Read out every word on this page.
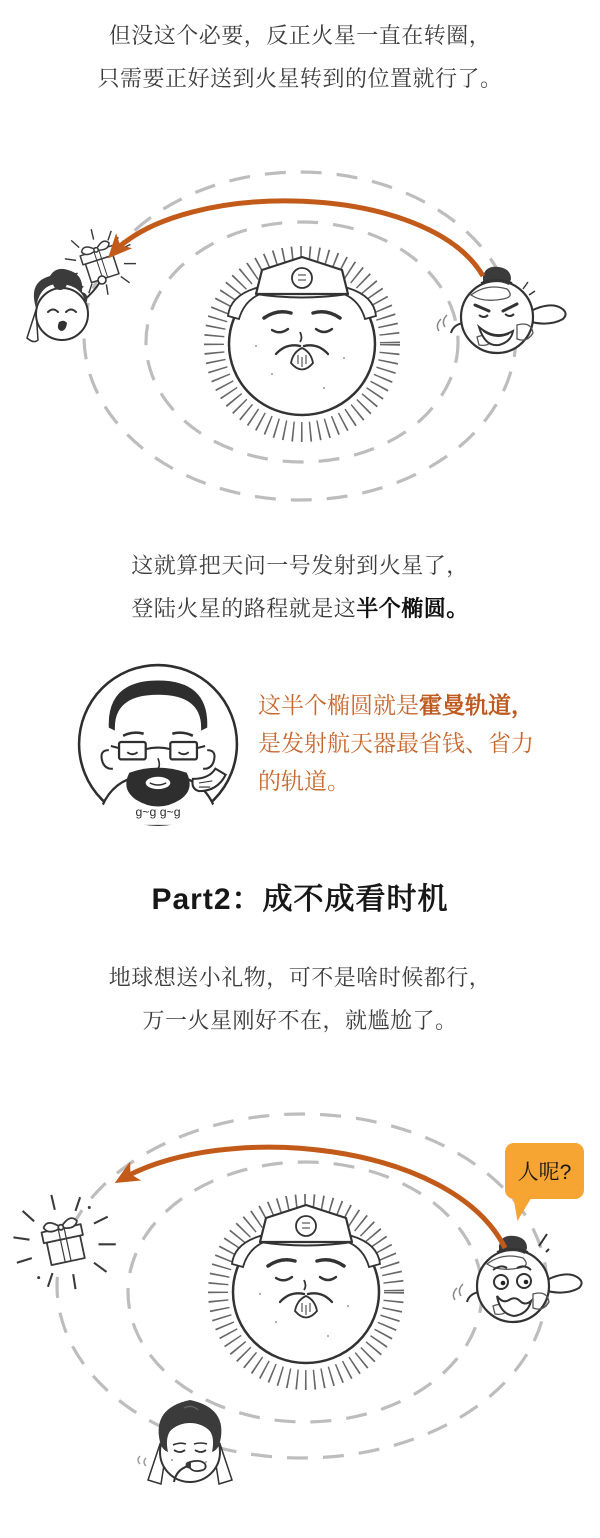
但没这个必要，反正火星一直在转圈，

只需要正好送到火星转到的位置就行了。

这就算把天问一号发射到火星了，

登陆火星的路程就是这半个椭圆。

g~g g~g

这半个椭圆就是霍曼轨道，

是发射航天器最省钱、省力

的轨道。

Part2：成不成看时机

地球想送小礼物，可不是啥时候都行，

万一火星刚好不在，就尴尬了。

人呢?
